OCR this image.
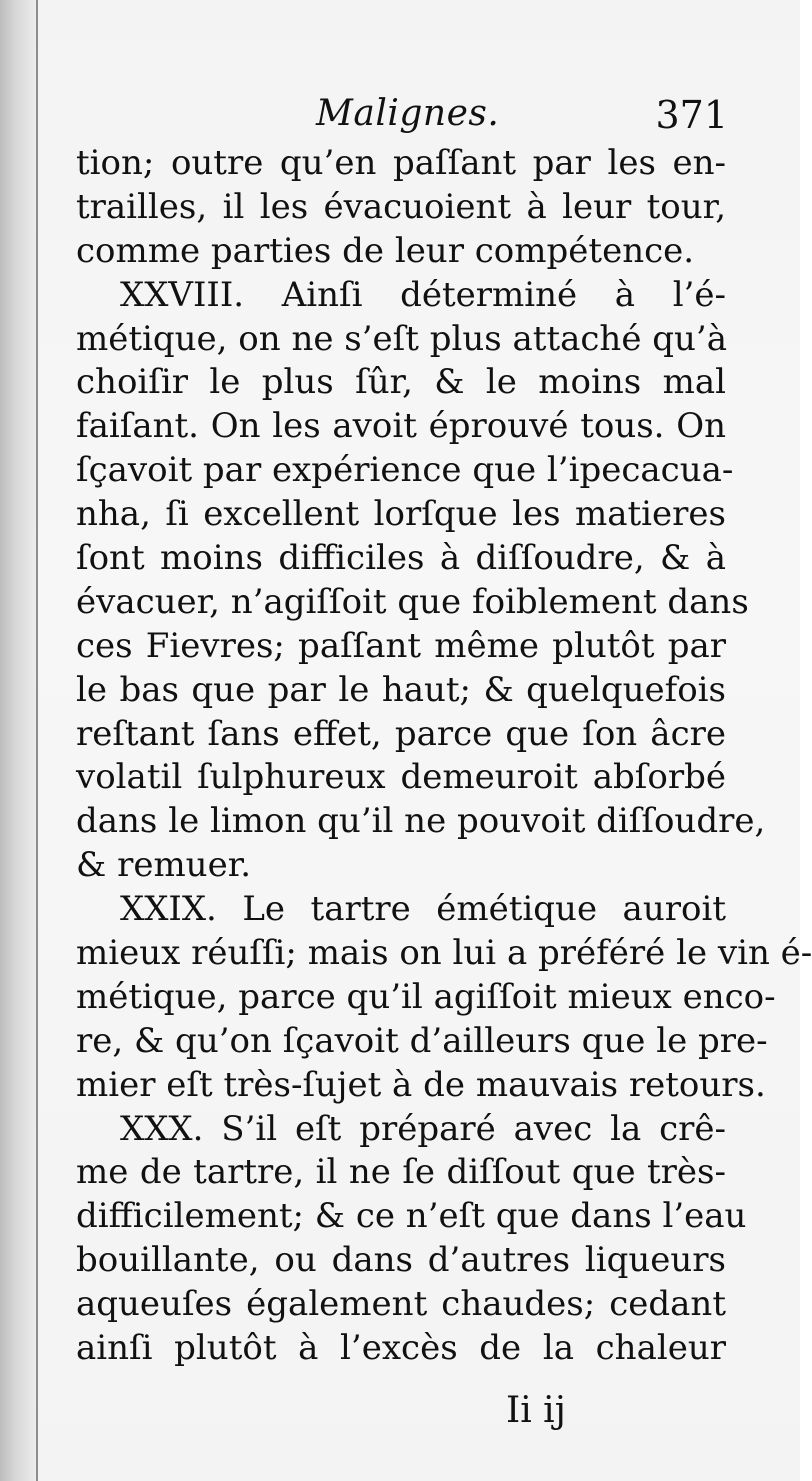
Malignes.	371
tion; outre qu’en paſſant par les en-
trailles, il les évacuoient à leur tour,
comme parties de leur compétence.
XXVIII. Ainſi déterminé à l’é-
métique, on ne s’eſt plus attaché qu’à
choiſir le plus ſûr, & le moins mal
faiſant. On les avoit éprouvé tous. On
ſçavoit par expérience que l’ipecacua-
nha, ſi excellent lorſque les matieres
ſont moins difficiles à diſſoudre, & à
évacuer, n’agiſſoit que foiblement dans
ces Fievres; paſſant même plutôt par
le bas que par le haut; & quelquefois
reſtant ſans effet, parce que ſon âcre
volatil ſulphureux demeuroit abſorbé
dans le limon qu’il ne pouvoit diſſoudre,
& remuer.
XXIX. Le tartre émétique auroit
mieux réuſſi; mais on lui a préféré le vin é-
métique, parce qu’il agiſſoit mieux enco-
re, & qu’on ſçavoit d’ailleurs que le pre-
mier eſt très-ſujet à de mauvais retours.
XXX. S’il eſt préparé avec la crê-
me de tartre, il ne ſe diſſout que très-
difficilement; & ce n’eſt que dans l’eau
bouillante, ou dans d’autres liqueurs
aqueuſes également chaudes; cedant
ainſi plutôt à l’excès de la chaleur
Ii ij
